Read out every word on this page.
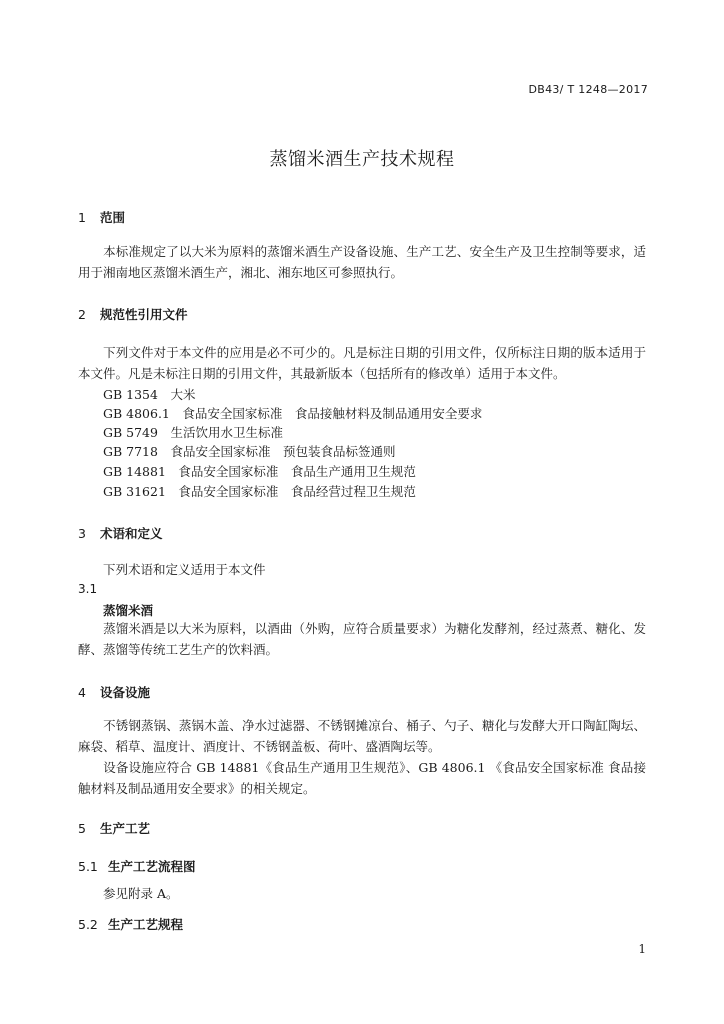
DB43/ T 1248—2017
蒸馏米酒生产技术规程
1 范围
本标准规定了以大米为原料的蒸馏米酒生产设备设施、生产工艺、安全生产及卫生控制等要求，适用于湘南地区蒸馏米酒生产，湘北、湘东地区可参照执行。
2 规范性引用文件
下列文件对于本文件的应用是必不可少的。凡是标注日期的引用文件，仅所标注日期的版本适用于本文件。凡是未标注日期的引用文件，其最新版本（包括所有的修改单）适用于本文件。
GB 1354　大米
GB 4806.1　食品安全国家标准　食品接触材料及制品通用安全要求
GB 5749　生活饮用水卫生标准
GB 7718　食品安全国家标准　预包装食品标签通则
GB 14881　食品安全国家标准　食品生产通用卫生规范
GB 31621　食品安全国家标准　食品经营过程卫生规范
3 术语和定义
下列术语和定义适用于本文件
3.1
蒸馏米酒
蒸馏米酒是以大米为原料，以酒曲（外购，应符合质量要求）为糖化发酵剂，经过蒸煮、糖化、发酵、蒸馏等传统工艺生产的饮料酒。
4 设备设施
不锈钢蒸锅、蒸锅木盖、净水过滤器、不锈钢摊凉台、桶子、勺子、糖化与发酵大开口陶缸陶坛、麻袋、稻草、温度计、酒度计、不锈钢盖板、荷叶、盛酒陶坛等。
设备设施应符合 GB 14881《食品生产通用卫生规范》、GB 4806.1 《食品安全国家标准 食品接触材料及制品通用安全要求》的相关规定。
5 生产工艺
5.1 生产工艺流程图
参见附录 A。
5.2 生产工艺规程
1
